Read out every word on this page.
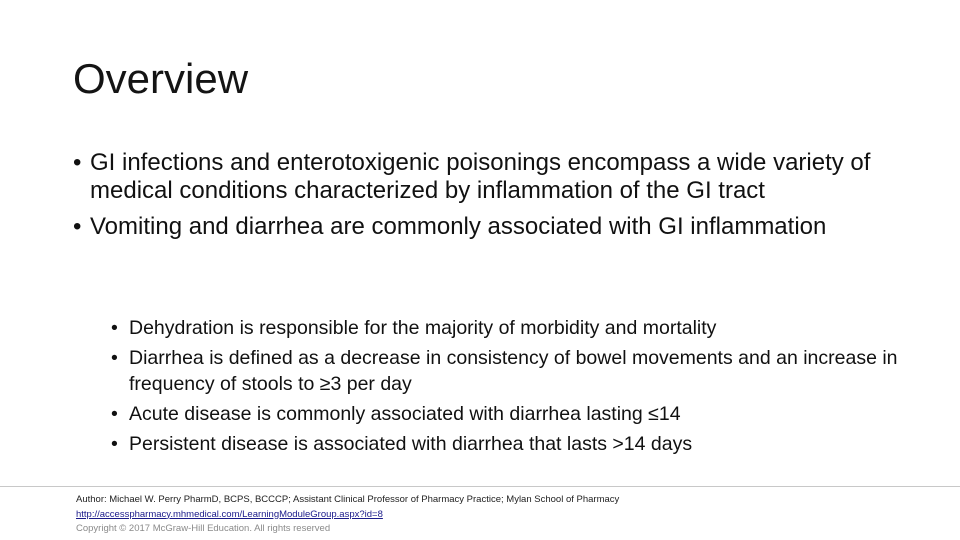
Overview
• GI infections and enterotoxigenic poisonings encompass a wide variety of medical conditions characterized by inflammation of the GI tract
• Vomiting and diarrhea are commonly associated with GI inflammation
• Dehydration is responsible for the majority of morbidity and mortality
• Diarrhea is defined as a decrease in consistency of bowel movements and an increase in frequency of stools to ≥3 per day
• Acute disease is commonly associated with diarrhea lasting ≤14
• Persistent disease is associated with diarrhea that lasts >14 days
Author: Michael W. Perry PharmD, BCPS, BCCCP; Assistant Clinical Professor of Pharmacy Practice; Mylan School of Pharmacy
http://accesspharmacy.mhmedical.com/LearningModuleGroup.aspx?id=8
Copyright © 2017 McGraw-Hill Education. All rights reserved
